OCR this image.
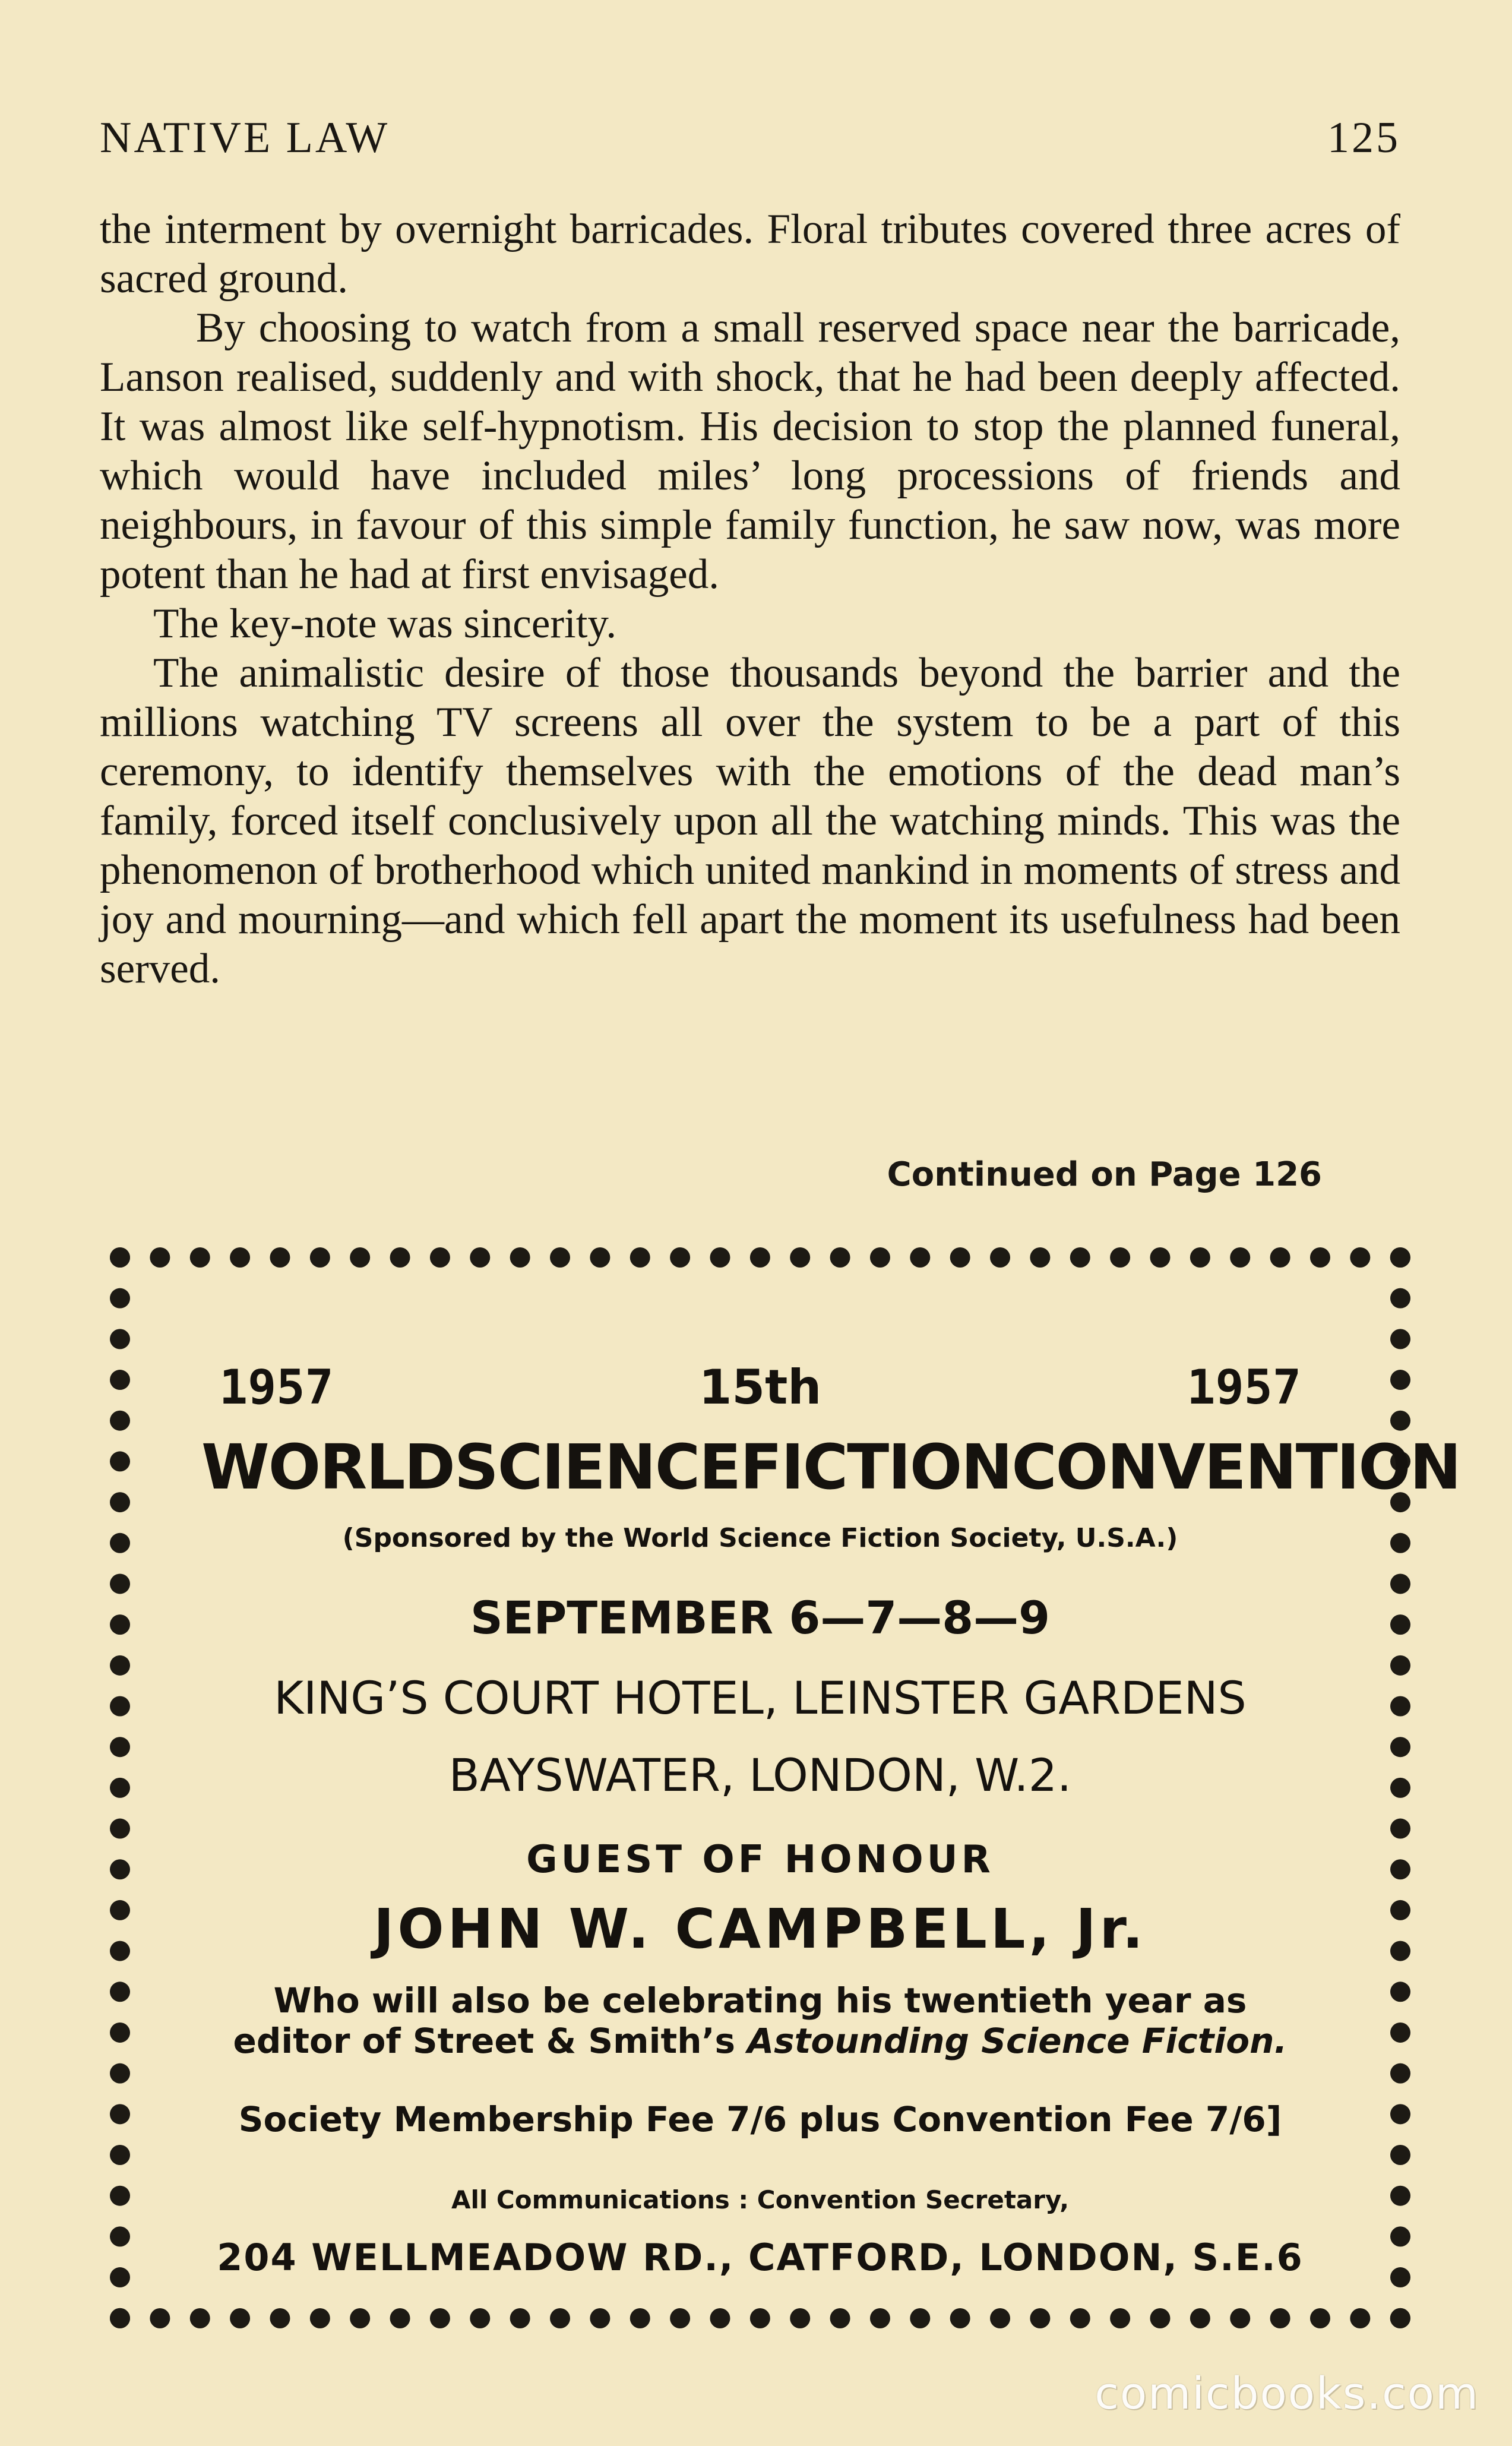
NATIVE LAW	125

the interment by overnight barricades. Floral tributes covered three acres of sacred ground.

By choosing to watch from a small reserved space near the barricade, Lanson realised, suddenly and with shock, that he had been deeply affected. It was almost like self-hypnotism. His decision to stop the planned funeral, which would have included miles’ long processions of friends and neighbours, in favour of this simple family function, he saw now, was more potent than he had at first envisaged.

The key-note was sincerity.

The animalistic desire of those thousands beyond the barrier and the millions watching TV screens all over the system to be a part of this ceremony, to identify themselves with the emotions of the dead man’s family, forced itself conclusively upon all the watching minds. This was the phenomenon of brotherhood which united mankind in moments of stress and joy and mourning—and which fell apart the moment its usefulness had been served.

Continued on Page 126
1957	15th	1957
WORLD SCIENCE FICTION CONVENTION
(Sponsored by the World Science Fiction Society, U.S.A.)
SEPTEMBER 6—7—8—9
KING’S COURT HOTEL, LEINSTER GARDENS
BAYSWATER, LONDON, W.2.
GUEST OF HONOUR
JOHN W. CAMPBELL, Jr.
Who will also be celebrating his twentieth year as
editor of Street & Smith’s Astounding Science Fiction.
Society Membership Fee 7/6 plus Convention Fee 7/6]
All Communications : Convention Secretary,
204 WELLMEADOW RD., CATFORD, LONDON, S.E.6
comicbooks.com
